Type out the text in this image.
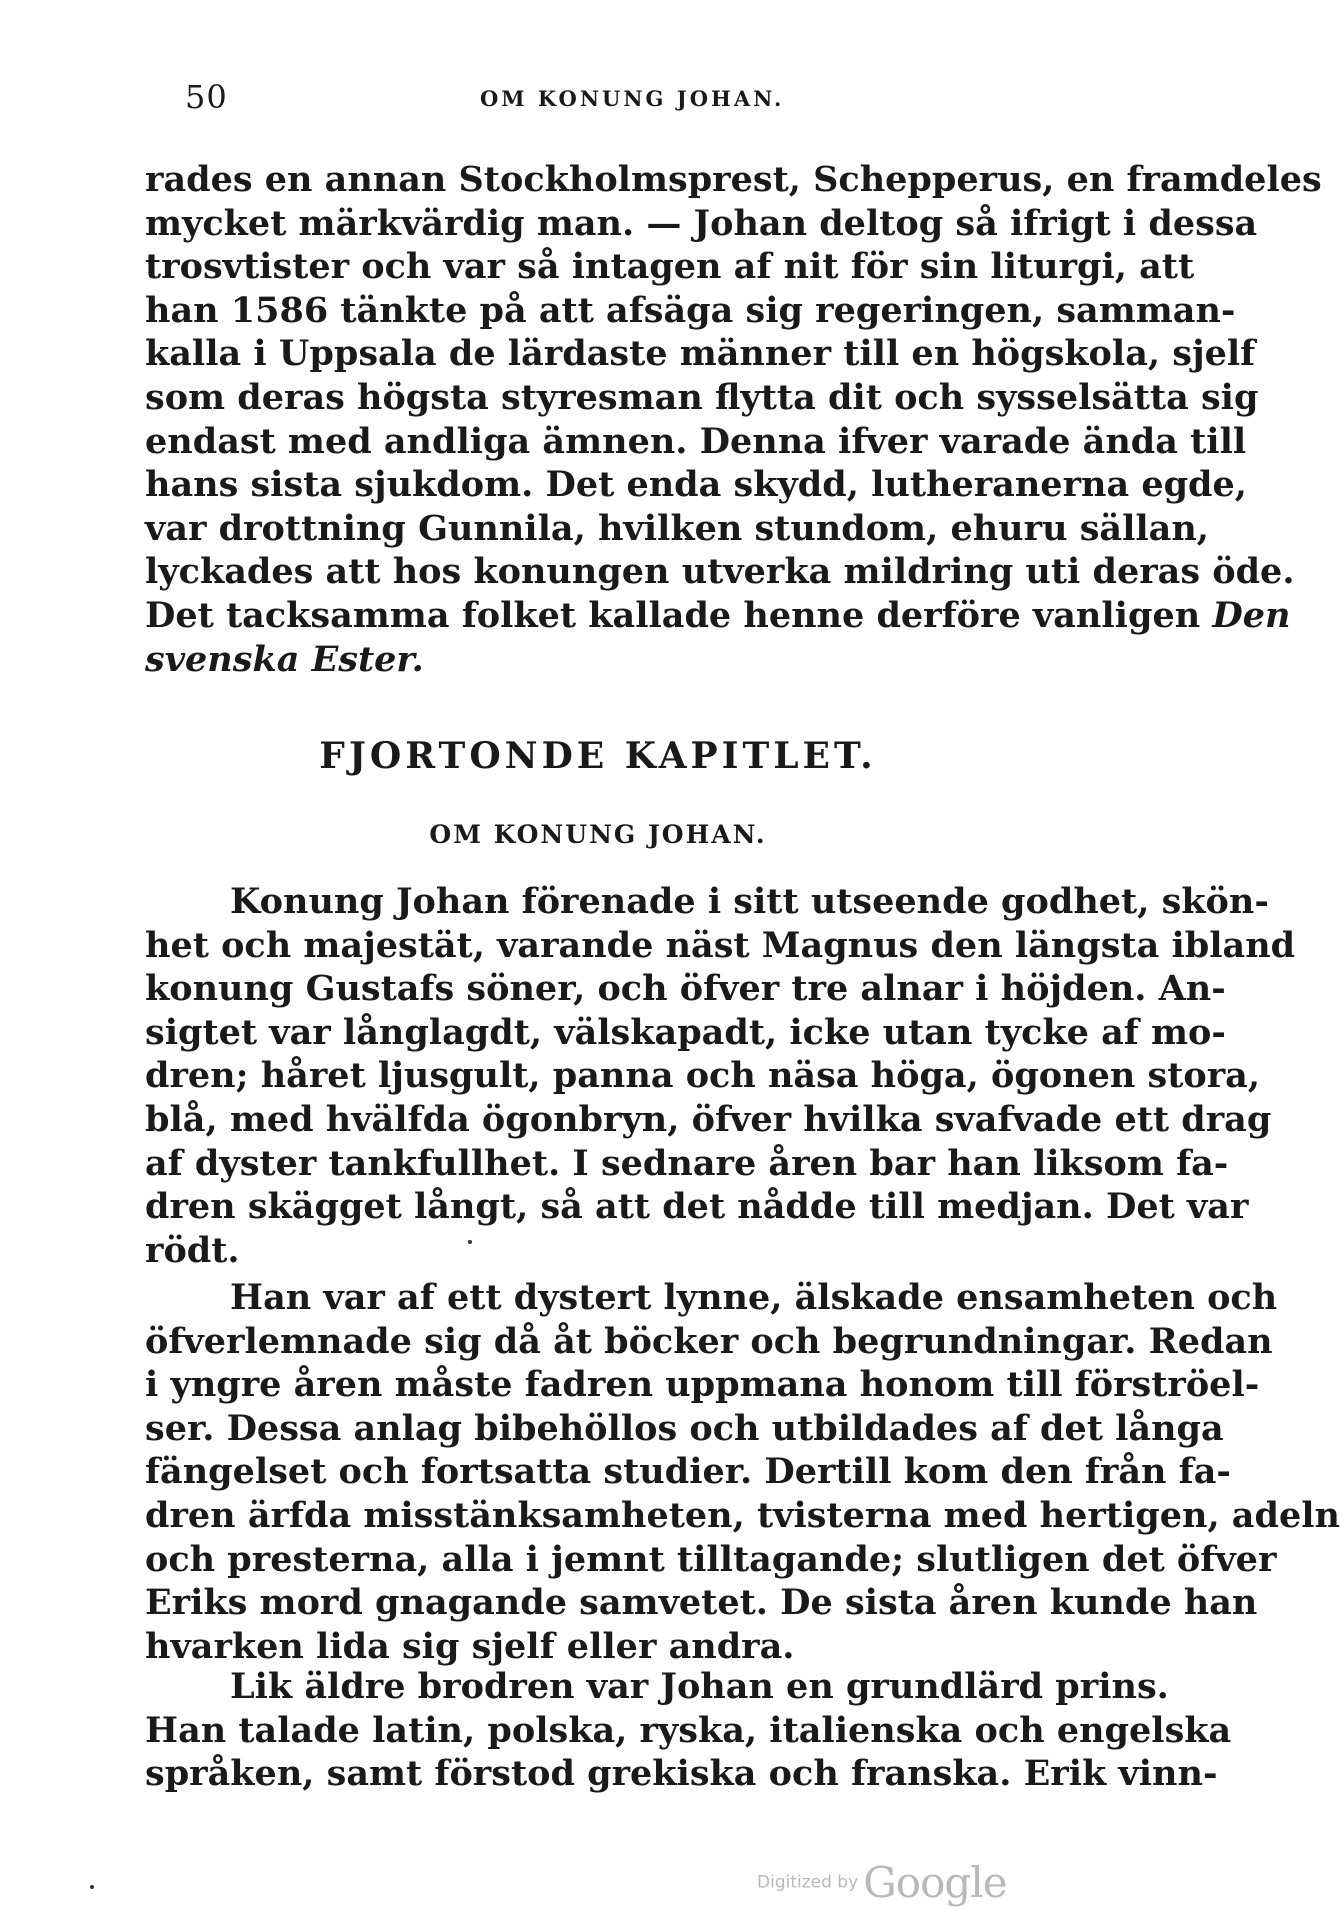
50	OM KONUNG JOHAN.
rades en annan Stockholmsprest, Schepperus, en framdeles
mycket märkvärdig man. — Johan deltog så ifrigt i dessa
trosvtister och var så intagen af nit för sin liturgi, att
han 1586 tänkte på att afsäga sig regeringen, samman-
kalla i Uppsala de lärdaste männer till en högskola, sjelf
som deras högsta styresman flytta dit och sysselsätta sig
endast med andliga ämnen. Denna ifver varade ända till
hans sista sjukdom. Det enda skydd, lutheranerna egde,
var drottning Gunnila, hvilken stundom, ehuru sällan,
lyckades att hos konungen utverka mildring uti deras öde.
Det tacksamma folket kallade henne derföre vanligen Den
svenska Ester.
FJORTONDE KAPITLET.
OM KONUNG JOHAN.
Konung Johan förenade i sitt utseende godhet, skön-
het och majestät, varande näst Magnus den längsta ibland
konung Gustafs söner, och öfver tre alnar i höjden. An-
sigtet var långlagdt, välskapadt, icke utan tycke af mo-
dren; håret ljusgult, panna och näsa höga, ögonen stora,
blå, med hvälfda ögonbryn, öfver hvilka svafvade ett drag
af dyster tankfullhet. I sednare åren bar han liksom fa-
dren skägget långt, så att det nådde till medjan. Det var
rödt.
Han var af ett dystert lynne, älskade ensamheten och
öfverlemnade sig då åt böcker och begrundningar. Redan
i yngre åren måste fadren uppmana honom till förströel-
ser. Dessa anlag bibehöllos och utbildades af det långa
fängelset och fortsatta studier. Dertill kom den från fa-
dren ärfda misstänksamheten, tvisterna med hertigen, adeln
och presterna, alla i jemnt tilltagande; slutligen det öfver
Eriks mord gnagande samvetet. De sista åren kunde han
hvarken lida sig sjelf eller andra.
Lik äldre brodren var Johan en grundlärd prins.
Han talade latin, polska, ryska, italienska och engelska
språken, samt förstod grekiska och franska. Erik vinn-
Digitized by Google
